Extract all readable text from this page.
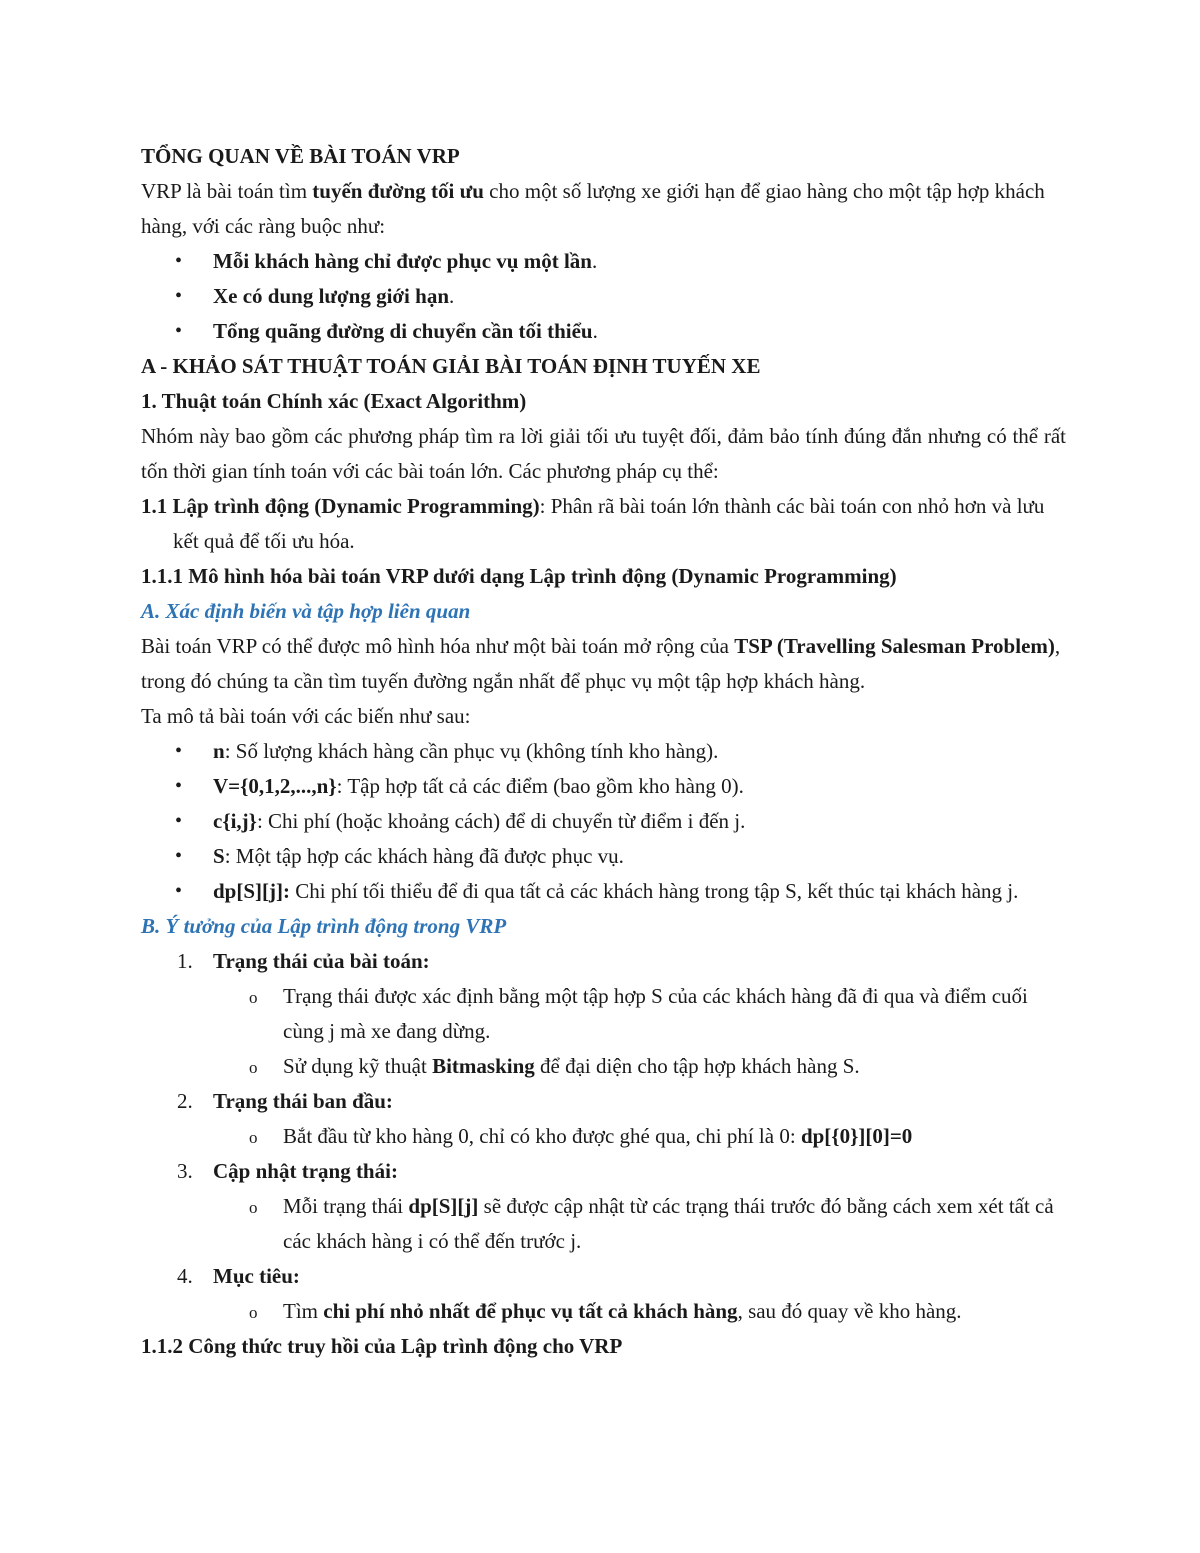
TỔNG QUAN VỀ BÀI TOÁN VRP

VRP là bài toán tìm tuyến đường tối ưu cho một số lượng xe giới hạn để giao hàng cho một tập hợp khách hàng, với các ràng buộc như:

• Mỗi khách hàng chỉ được phục vụ một lần.
• Xe có dung lượng giới hạn.
• Tổng quãng đường di chuyển cần tối thiểu.

A - KHẢO SÁT THUẬT TOÁN GIẢI BÀI TOÁN ĐỊNH TUYẾN XE

1. Thuật toán Chính xác (Exact Algorithm)

Nhóm này bao gồm các phương pháp tìm ra lời giải tối ưu tuyệt đối, đảm bảo tính đúng đắn nhưng có thể rất tốn thời gian tính toán với các bài toán lớn. Các phương pháp cụ thể:

1.1 Lập trình động (Dynamic Programming): Phân rã bài toán lớn thành các bài toán con nhỏ hơn và lưu kết quả để tối ưu hóa.

1.1.1 Mô hình hóa bài toán VRP dưới dạng Lập trình động (Dynamic Programming)

A. Xác định biến và tập hợp liên quan

Bài toán VRP có thể được mô hình hóa như một bài toán mở rộng của TSP (Travelling Salesman Problem), trong đó chúng ta cần tìm tuyến đường ngắn nhất để phục vụ một tập hợp khách hàng.

Ta mô tả bài toán với các biến như sau:

• n: Số lượng khách hàng cần phục vụ (không tính kho hàng).
• V={0,1,2,...,n}: Tập hợp tất cả các điểm (bao gồm kho hàng 0).
• c{i,j}: Chi phí (hoặc khoảng cách) để di chuyển từ điểm i đến j.
• S: Một tập hợp các khách hàng đã được phục vụ.
• dp[S][j]: Chi phí tối thiểu để đi qua tất cả các khách hàng trong tập S, kết thúc tại khách hàng j.

B. Ý tưởng của Lập trình động trong VRP

1. Trạng thái của bài toán:
o Trạng thái được xác định bằng một tập hợp S của các khách hàng đã đi qua và điểm cuối cùng j mà xe đang dừng.
o Sử dụng kỹ thuật Bitmasking để đại diện cho tập hợp khách hàng S.
2. Trạng thái ban đầu:
o Bắt đầu từ kho hàng 0, chỉ có kho được ghé qua, chi phí là 0: dp[{0}][0]=0
3. Cập nhật trạng thái:
o Mỗi trạng thái dp[S][j] sẽ được cập nhật từ các trạng thái trước đó bằng cách xem xét tất cả các khách hàng i có thể đến trước j.
4. Mục tiêu:
o Tìm chi phí nhỏ nhất để phục vụ tất cả khách hàng, sau đó quay về kho hàng.

1.1.2 Công thức truy hồi của Lập trình động cho VRP
